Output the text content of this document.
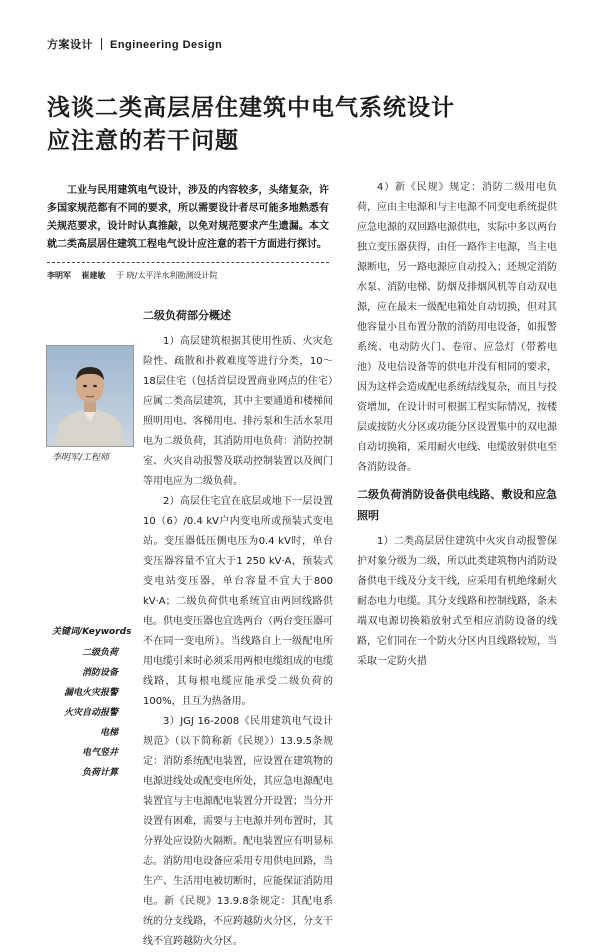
方案设计 Engineering Design
浅谈二类高层居住建筑中电气系统设计
应注意的若干问题
工业与民用建筑电气设计，涉及的内容较多，头绪复杂，许多国家规范都有不同的要求，所以需要设计者尽可能多地熟悉有关规范要求，设计时认真推敲，以免对规范要求产生遗漏。本文就二类高层居住建筑工程电气设计应注意的若干方面进行探讨。
李明军 崔建敏 于 晓/太平洋水利勘测设计院
李明军/工程师
关键词/Keywords
二级负荷
消防设备
漏电火灾报警
火灾自动报警
电梯
电气竖井
负荷计算
二级负荷部分概述

1）高层建筑根据其使用性质、火灾危险性、疏散和扑救难度等进行分类，10～18层住宅（包括首层设置商业网点的住宅）应属二类高层建筑，其中主要通道和楼梯间照明用电、客梯用电、排污泵和生活水泵用电为二级负荷，其消防用电负荷：消防控制室、火灾自动报警及联动控制装置以及阀门等用电应为二级负荷。

2）高层住宅宜在底层或地下一层设置10（6）/0.4 kV户内变电所或预装式变电站。变压器低压侧电压为0.4 kV时，单台变压器容量不宜大于1 250 kV·A，预装式变电站变压器，单台容量不宜大于800 kV·A；二级负荷供电系统宜由两回线路供电。供电变压器也宜选两台（两台变压器可不在同一变电所）。当线路自上一级配电所用电缆引来时必须采用两根电缆组成的电缆线路，其每根电缆应能承受二级负荷的100%，且互为热备用。

3）JGJ 16-2008《民用建筑电气设计规范》（以下简称新《民规》）13.9.5条规定：消防系统配电装置，应设置在建筑物的电源进线处或配变电所处，其应急电源配电装置宜与主电源配电装置分开设置；当分开设置有困难，需要与主电源并列布置时，其分界处应设防火隔断。配电装置应有明显标志。消防用电设备应采用专用供电回路，当生产、生活用电被切断时，应能保证消防用电。新《民规》13.9.8条规定：其配电系统的分支线路，不应跨越防火分区，分支干线不宜跨越防火分区。

4）新《民规》规定：消防二级用电负荷，应由主电源和与主电源不同变电系统提供应急电源的双回路电源供电，实际中多以两台独立变压器获得，由任一路作主电源，当主电源断电，另一路电源应自动投入；还规定消防水泵、消防电梯、防烟及排烟风机等自动双电源，应在最末一级配电箱处自动切换，但对其他容量小且布置分散的消防用电设备，如报警系统、电动防火门、卷帘、应急灯（带蓄电池）及电信设备等的供电并没有相同的要求，因为这样会造成配电系统结线复杂，而且与投资增加，在设计时可根据工程实际情况，按楼层或按防火分区或功能分区设置集中的双电源自动切换箱，采用耐火电线、电缆放射供电至各消防设备。

二级负荷消防设备供电线路、敷设和应急照明

1）二类高层居住建筑中火灾自动报警保护对象分级为二级，所以此类建筑物内消防设备供电干线及分支干线，应采用有机绝缘耐火耐态电力电缆。其分支线路和控制线路，条未端双电源切换箱放射式至相应消防设备的线路，它们同在一个防火分区内且线路较短，当采取一定防火措
